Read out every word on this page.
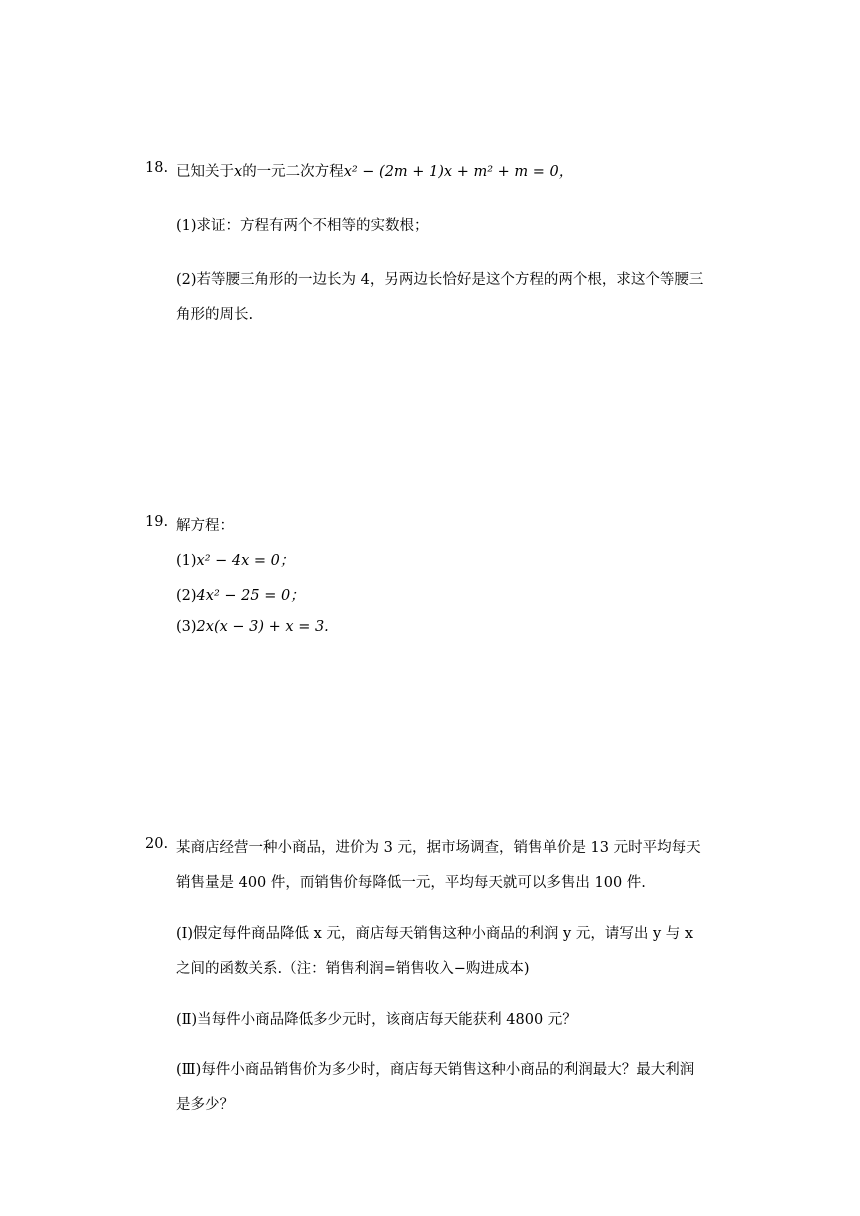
18. 已知关于x的一元二次方程x² − (2m + 1)x + m² + m = 0，
(1)求证：方程有两个不相等的实数根；
(2)若等腰三角形的一边长为 4，另两边长恰好是这个方程的两个根，求这个等腰三
角形的周长.
19. 解方程：
(1)x² − 4x = 0；
(2)4x² − 25 = 0；
(3)2x(x − 3) + x = 3.
20. 某商店经营一种小商品，进价为 3 元，据市场调查，销售单价是 13 元时平均每天
销售量是 400 件，而销售价每降低一元，平均每天就可以多售出 100 件.
(Ⅰ)假定每件商品降低 x 元，商店每天销售这种小商品的利润 y 元，请写出 y 与 x
之间的函数关系.（注：销售利润=销售收入−购进成本)
(Ⅱ)当每件小商品降低多少元时，该商店每天能获利 4800 元？
(Ⅲ)每件小商品销售价为多少时，商店每天销售这种小商品的利润最大？最大利润
是多少？
